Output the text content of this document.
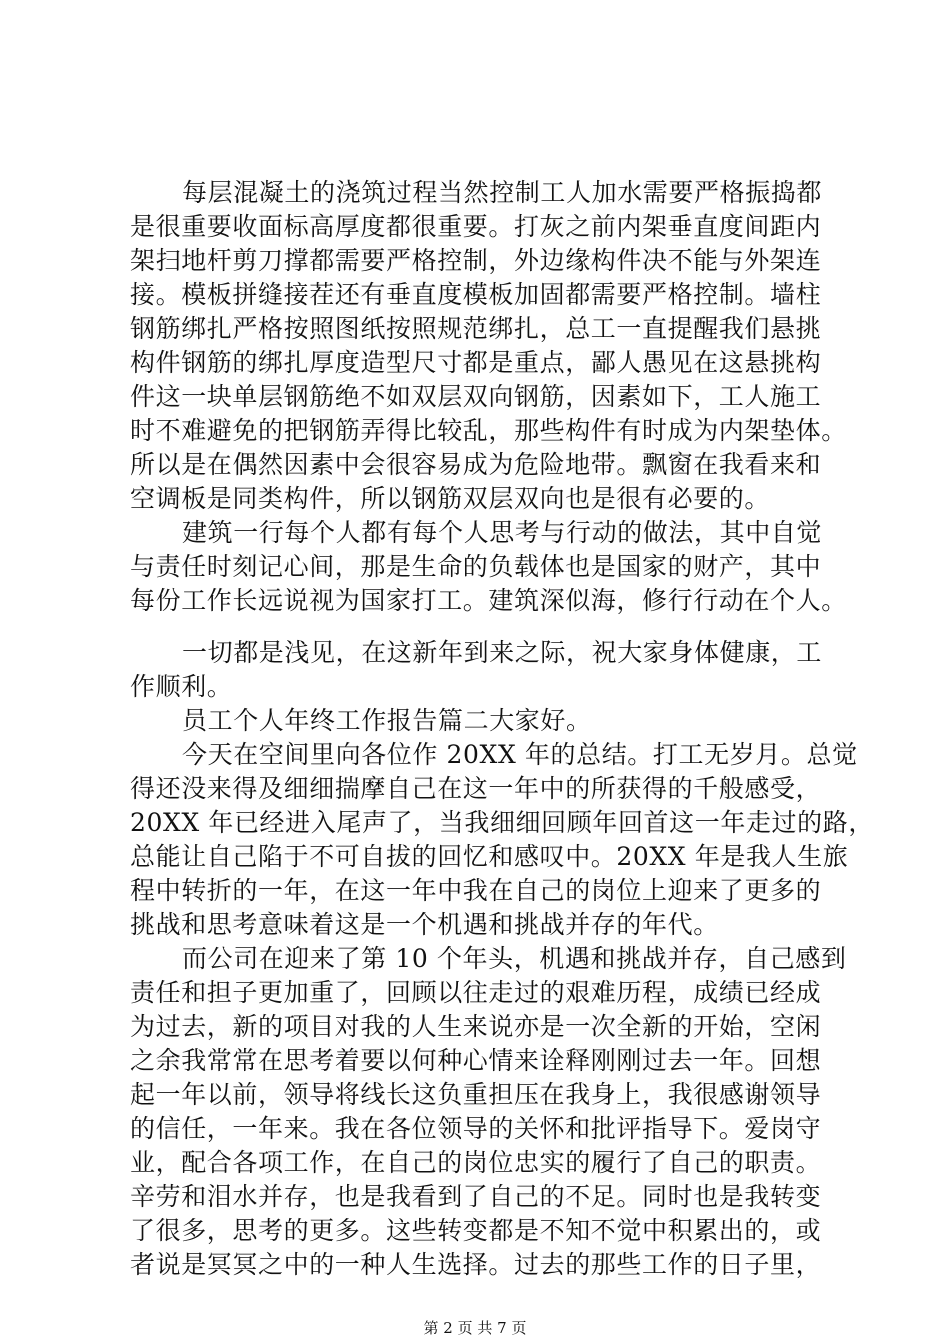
每层混凝土的浇筑过程当然控制工人加水需要严格振捣都
是很重要收面标高厚度都很重要。打灰之前内架垂直度间距内
架扫地杆剪刀撑都需要严格控制，外边缘构件决不能与外架连
接。模板拼缝接茬还有垂直度模板加固都需要严格控制。墙柱
钢筋绑扎严格按照图纸按照规范绑扎，总工一直提醒我们悬挑
构件钢筋的绑扎厚度造型尺寸都是重点，鄙人愚见在这悬挑构
件这一块单层钢筋绝不如双层双向钢筋，因素如下，工人施工
时不难避免的把钢筋弄得比较乱，那些构件有时成为内架垫体。
所以是在偶然因素中会很容易成为危险地带。飘窗在我看来和
空调板是同类构件，所以钢筋双层双向也是很有必要的。
建筑一行每个人都有每个人思考与行动的做法，其中自觉
与责任时刻记心间，那是生命的负载体也是国家的财产，其中
每份工作长远说视为国家打工。建筑深似海，修行行动在个人。
一切都是浅见，在这新年到来之际，祝大家身体健康，工
作顺利。
员工个人年终工作报告篇二大家好。
今天在空间里向各位作 20XX 年的总结。打工无岁月。总觉
得还没来得及细细揣摩自己在这一年中的所获得的千般感受，
20XX 年已经进入尾声了，当我细细回顾年回首这一年走过的路，
总能让自己陷于不可自拔的回忆和感叹中。20XX 年是我人生旅
程中转折的一年，在这一年中我在自己的岗位上迎来了更多的
挑战和思考意味着这是一个机遇和挑战并存的年代。
而公司在迎来了第 10 个年头，机遇和挑战并存，自己感到
责任和担子更加重了，回顾以往走过的艰难历程，成绩已经成
为过去，新的项目对我的人生来说亦是一次全新的开始，空闲
之余我常常在思考着要以何种心情来诠释刚刚过去一年。回想
起一年以前，领导将线长这负重担压在我身上，我很感谢领导
的信任，一年来。我在各位领导的关怀和批评指导下。爱岗守
业，配合各项工作，在自己的岗位忠实的履行了自己的职责。
辛劳和泪水并存，也是我看到了自己的不足。同时也是我转变
了很多，思考的更多。这些转变都是不知不觉中积累出的，或
者说是冥冥之中的一种人生选择。过去的那些工作的日子里，
第 2 页 共 7 页
